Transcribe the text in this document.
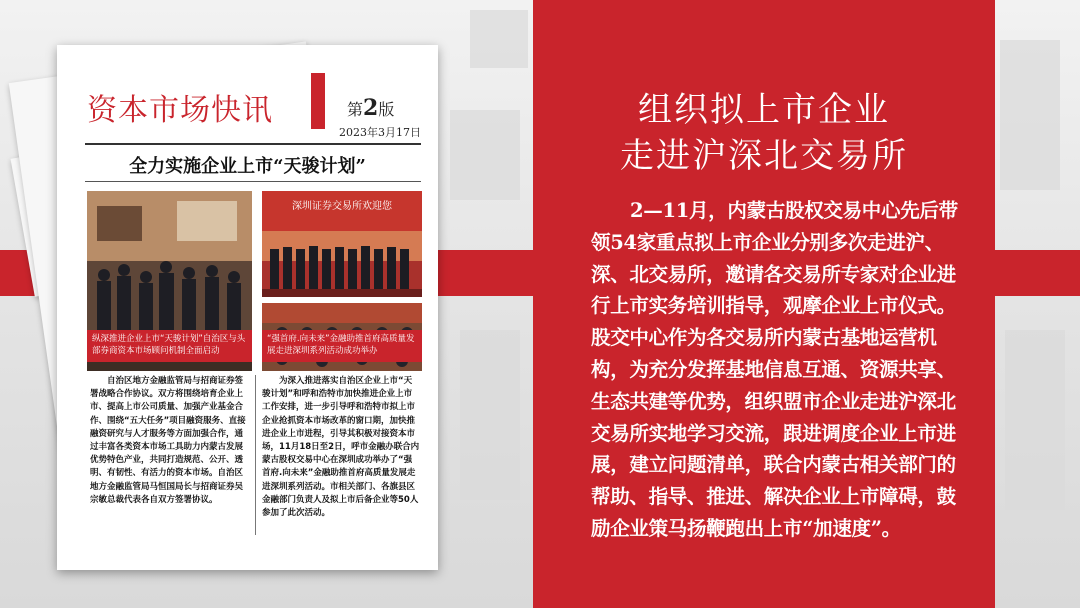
资本市场快讯	第2版
2023年3月17日
全力实施企业上市“天骏计划”
深圳证券交易所欢迎您
纵深推进企业上市“天骏计划”自治区与头部券商资本市场顾问机制全面启动
“强首府.向未来”金融助推首府高质量发展走进深圳系列活动成功举办
自治区地方金融监管局与招商证券签署战略合作协议。双方将围绕培育企业上市、提高上市公司质量、加强产业基金合作、围绕“五大任务”项目融资服务、直接融资研究与人才服务等方面加强合作，通过丰富各类资本市场工具助力内蒙古发展优势特色产业，共同打造规范、公开、透明、有韧性、有活力的资本市场。自治区地方金融监管局马恒国局长与招商证券吴宗敏总裁代表各自双方签署协议。
为深入推进落实自治区企业上市“天骏计划”和呼和浩特市加快推进企业上市工作安排，进一步引导呼和浩特市拟上市企业抢抓资本市场改革的窗口期，加快推进企业上市进程，引导其积极对接资本市场，11月18日至2日，呼市金融办联合内蒙古股权交易中心在深圳成功举办了“强首府.向未来”金融助推首府高质量发展走进深圳系列活动。市相关部门、各旗县区金融部门负责人及拟上市后备企业等50人参加了此次活动。
组织拟上市企业
走进沪深北交易所
2—11月，内蒙古股权交易中心先后带领54家重点拟上市企业分别多次走进沪、深、北交易所，邀请各交易所专家对企业进行上市实务培训指导，观摩企业上市仪式。股交中心作为各交易所内蒙古基地运营机构，为充分发挥基地信息互通、资源共享、生态共建等优势，组织盟市企业走进沪深北交易所实地学习交流，跟进调度企业上市进展，建立问题清单，联合内蒙古相关部门的帮助、指导、推进、解决企业上市障碍，鼓励企业策马扬鞭跑出上市“加速度”。
